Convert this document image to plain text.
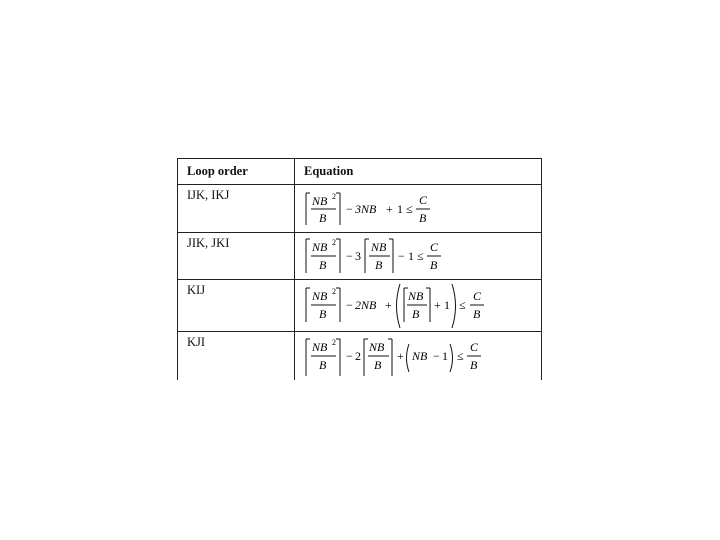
Loop order	Equation
IJK, IKJ	NB 2
B
− 3NB + 1 ≤
C
B
JIK, JKI	NB 2
B
− 3
NB
B
− 1 ≤
C
B
KIJ	NB 2
B
− 2NB +
NB
B
+ 1 ≤
C
B
KJI	NB 2
B
− 2
NB
B
+ NB − 1 ≤
C
B
